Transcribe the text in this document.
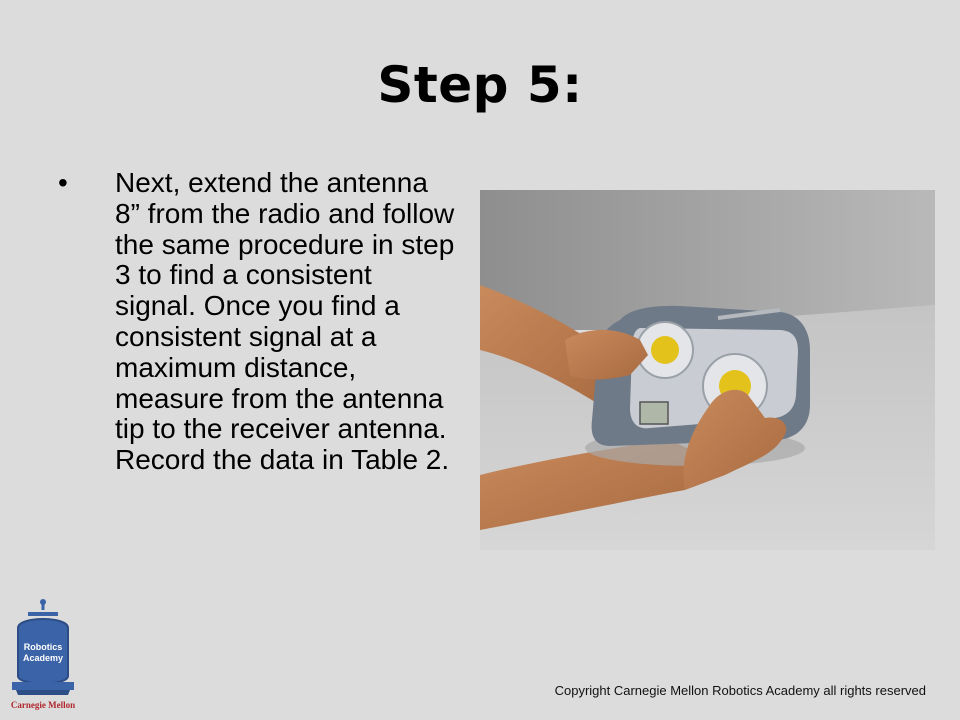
Step 5:
• Next, extend the antenna 8” from the radio and follow the same procedure in step 3 to find a consistent signal. Once you find a consistent signal at a maximum distance, measure from the antenna tip to the receiver antenna. Record the data in Table 2.
Robotics
Academy
Carnegie Mellon
Copyright Carnegie Mellon Robotics Academy all rights reserved
